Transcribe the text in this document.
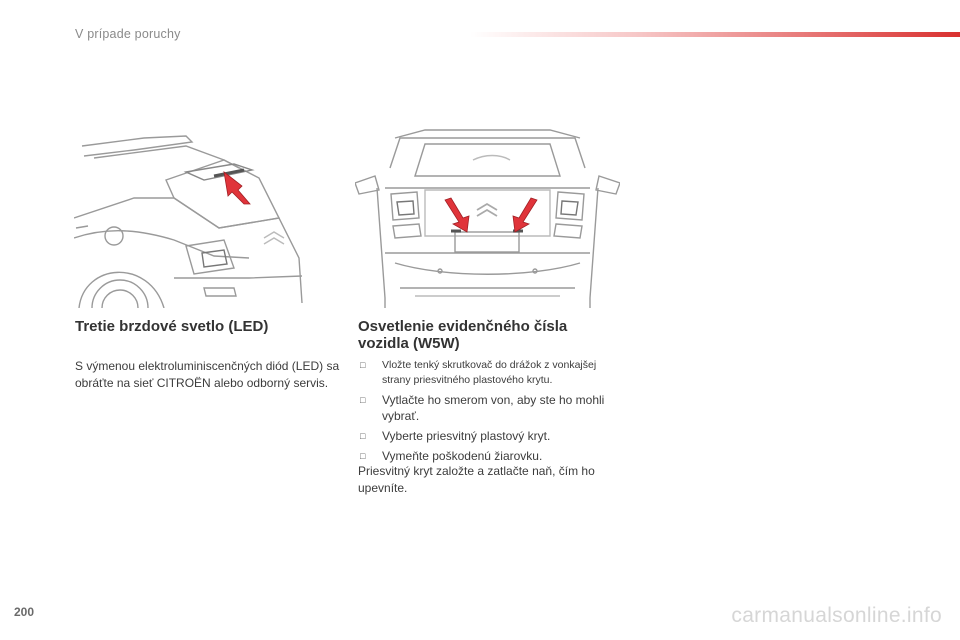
V prípade poruchy
Tretie brzdové svetlo (LED)

S výmenou elektroluminiscenčných diód (LED) sa obráťte na sieť CITROËN alebo odborný servis.

Osvetlenie evidenčného čísla vozidla (W5W)
□ Vložte tenký skrutkovač do drážok z vonkajšej strany priesvitného plastového krytu.
□ Vytlačte ho smerom von, aby ste ho mohli vybrať.
□ Vyberte priesvitný plastový kryt.
□ Vymeňte poškodenú žiarovku.

Priesvitný kryt založte a zatlačte naň, čím ho upevníte.

200	carmanualsonline.info
